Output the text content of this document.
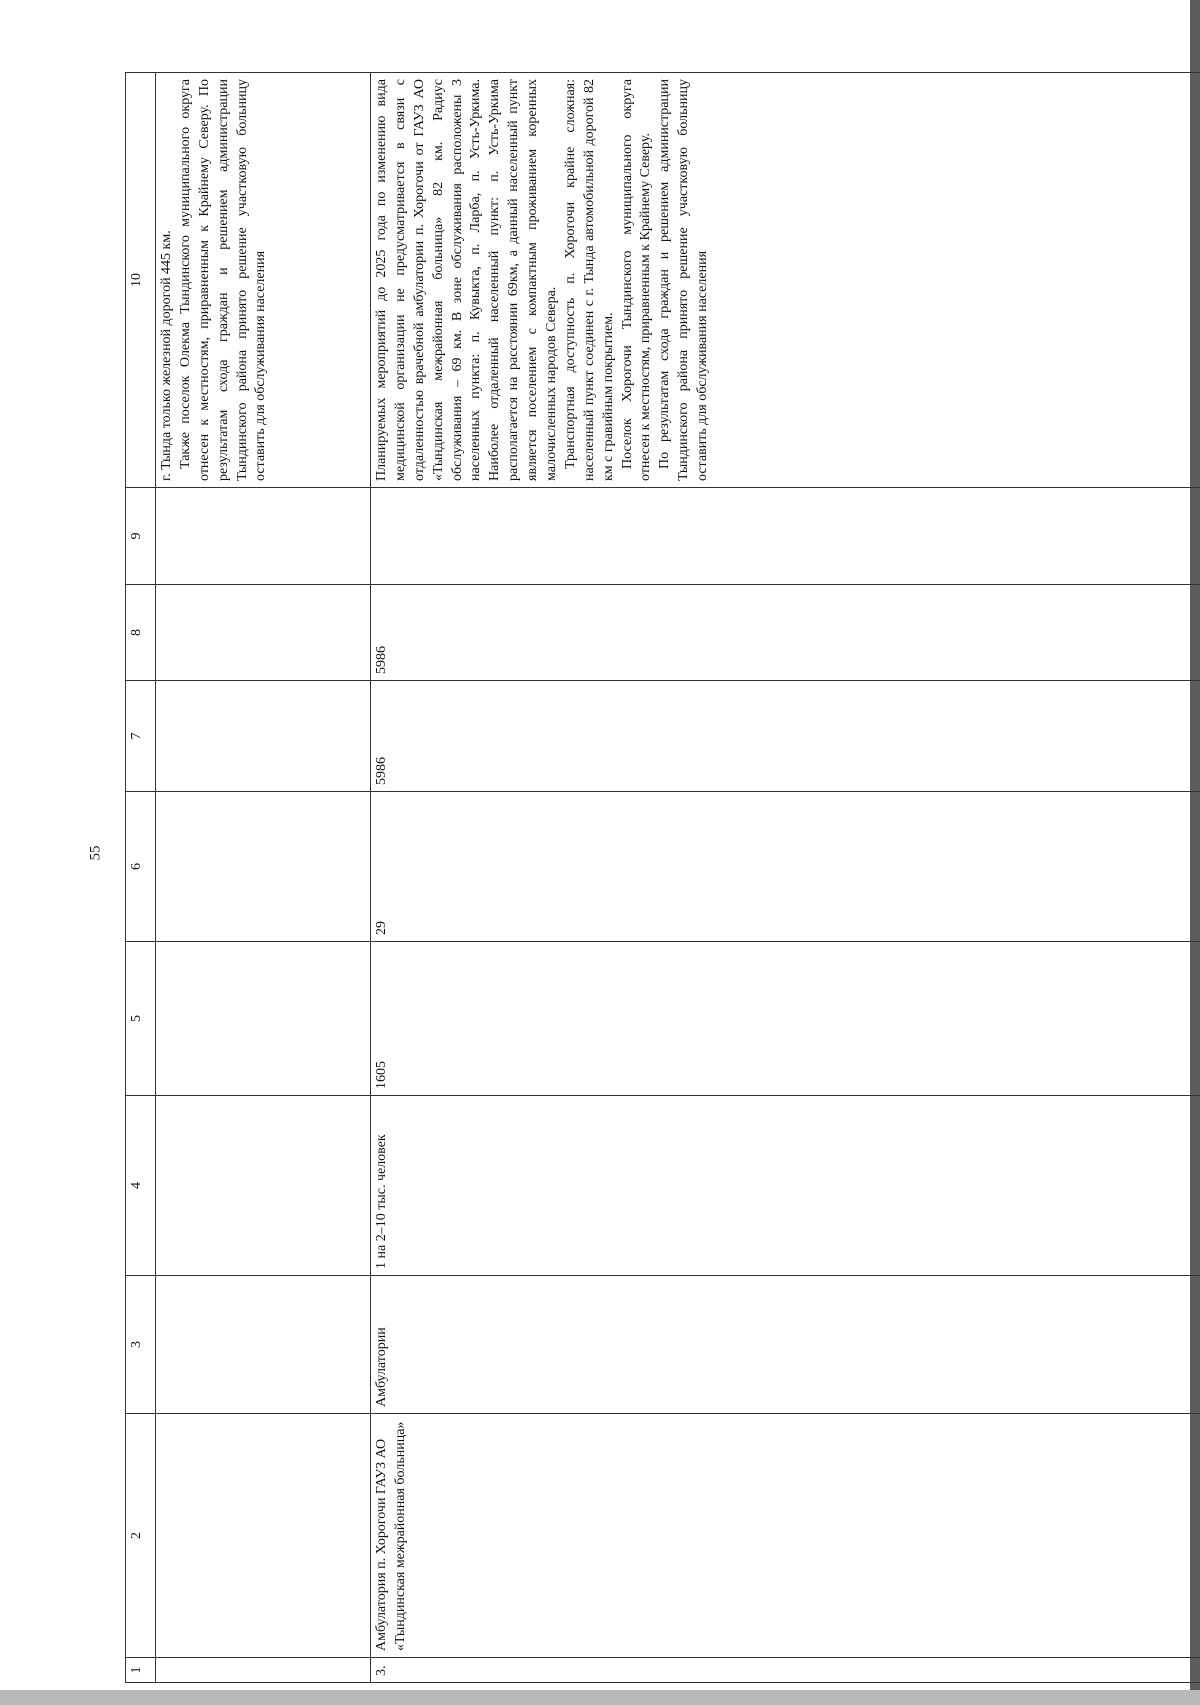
55
1	2	3	4	5	6	7	8	9	10

									г. Тында только железной дорогой 445 км. Также поселок Олекма Тындинского муниципального округа отнесен к местностям, приравненным к Крайнему Северу. По результатам схода граждан и решением администрации Тындинского района принято решение участковую больницу оставить для обслуживания населения

3.	Амбулатория п. Хорогочи ГАУЗ АО «Тындинская межрайонная больница»	Амбулатории	1 на 2–10 тыс. человек	1605	29	5986	5986		Планируемых мероприятий до 2025 года по изменению вида медицинской организации не предусматривается в связи с отдаленностью врачебной амбулатории п. Хорогочи от ГАУЗ АО «Тындинская межрайонная больница» 82 км. Радиус обслуживания – 69 км. В зоне обслуживания расположены 3 населенных пункта: п. Кувыкта, п. Ларба, п. Усть-Уркима. Наиболее отдаленный населенный пункт: п. Усть-Уркима располагается на расстоянии 69км, а данный населенный пункт является поселением с компактным проживанием коренных малочисленных народов Севера. Транспортная доступность п. Хорогочи крайне сложная: населенный пункт соединен с г. Тында автомобильной дорогой 82 км с гравийным покрытием. Поселок Хорогочи Тындинского муниципального округа отнесен к местностям, приравненным к Крайнему Северу. По результатам схода граждан и решением администрации Тындинского района принято решение участковую больницу оставить для обслуживания населения
